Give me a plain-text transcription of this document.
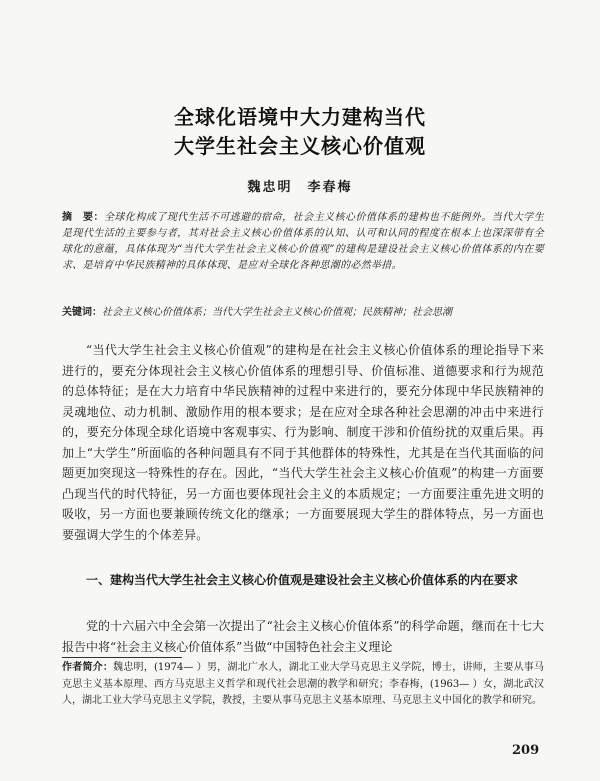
全球化语境中大力建构当代
大学生社会主义核心价值观
魏忠明　李春梅
摘　要：全球化构成了现代生活不可逃避的宿命，社会主义核心价值体系的建构也不能例外。当代大学生是现代生活的主要参与者，其对社会主义核心价值体系的认知、认可和认同的程度在根本上也深深带有全球化的意蕴，具体体现为“当代大学生社会主义核心价值观”的建构是建设社会主义核心价值体系的内在要求、是培育中华民族精神的具体体现、是应对全球化各种思潮的必然举措。
关键词：社会主义核心价值体系；当代大学生社会主义核心价值观；民族精神；社会思潮

“当代大学生社会主义核心价值观”的建构是在社会主义核心价值体系的理论指导下来进行的，要充分体现社会主义核心价值体系的理想引导、价值标准、道德要求和行为规范的总体特征；是在大力培育中华民族精神的过程中来进行的，要充分体现中华民族精神的灵魂地位、动力机制、激励作用的根本要求；是在应对全球各种社会思潮的冲击中来进行的，要充分体现全球化语境中客观事实、行为影响、制度干涉和价值纷扰的双重后果。再加上“大学生”所面临的各种问题具有不同于其他群体的特殊性，尤其是在当代其面临的问题更加突现这一特殊性的存在。因此，“当代大学生社会主义核心价值观”的构建一方面要凸现当代的时代特征，另一方面也要体现社会主义的本质规定；一方面要注重先进文明的吸收，另一方面也要兼顾传统文化的继承；一方面要展现大学生的群体特点，另一方面也要强调大学生的个体差异。

一、建构当代大学生社会主义核心价值观是建设社会主义核心价值体系的内在要求

党的十六届六中全会第一次提出了“社会主义核心价值体系”的科学命题，继而在十七大报告中将“社会主义核心价值体系”当做“中国特色社会主义理论

作者简介：魏忠明，(1974— ）男，湖北广水人，湖北工业大学马克思主义学院，博士，讲师，主要从事马克思主义基本原理、西方马克思主义哲学和现代社会思潮的教学和研究；李春梅，(1963— ）女，湖北武汉人，湖北工业大学马克思主义学院，教授，主要从事马克思主义基本原理、马克思主义中国化的教学和研究。
209
